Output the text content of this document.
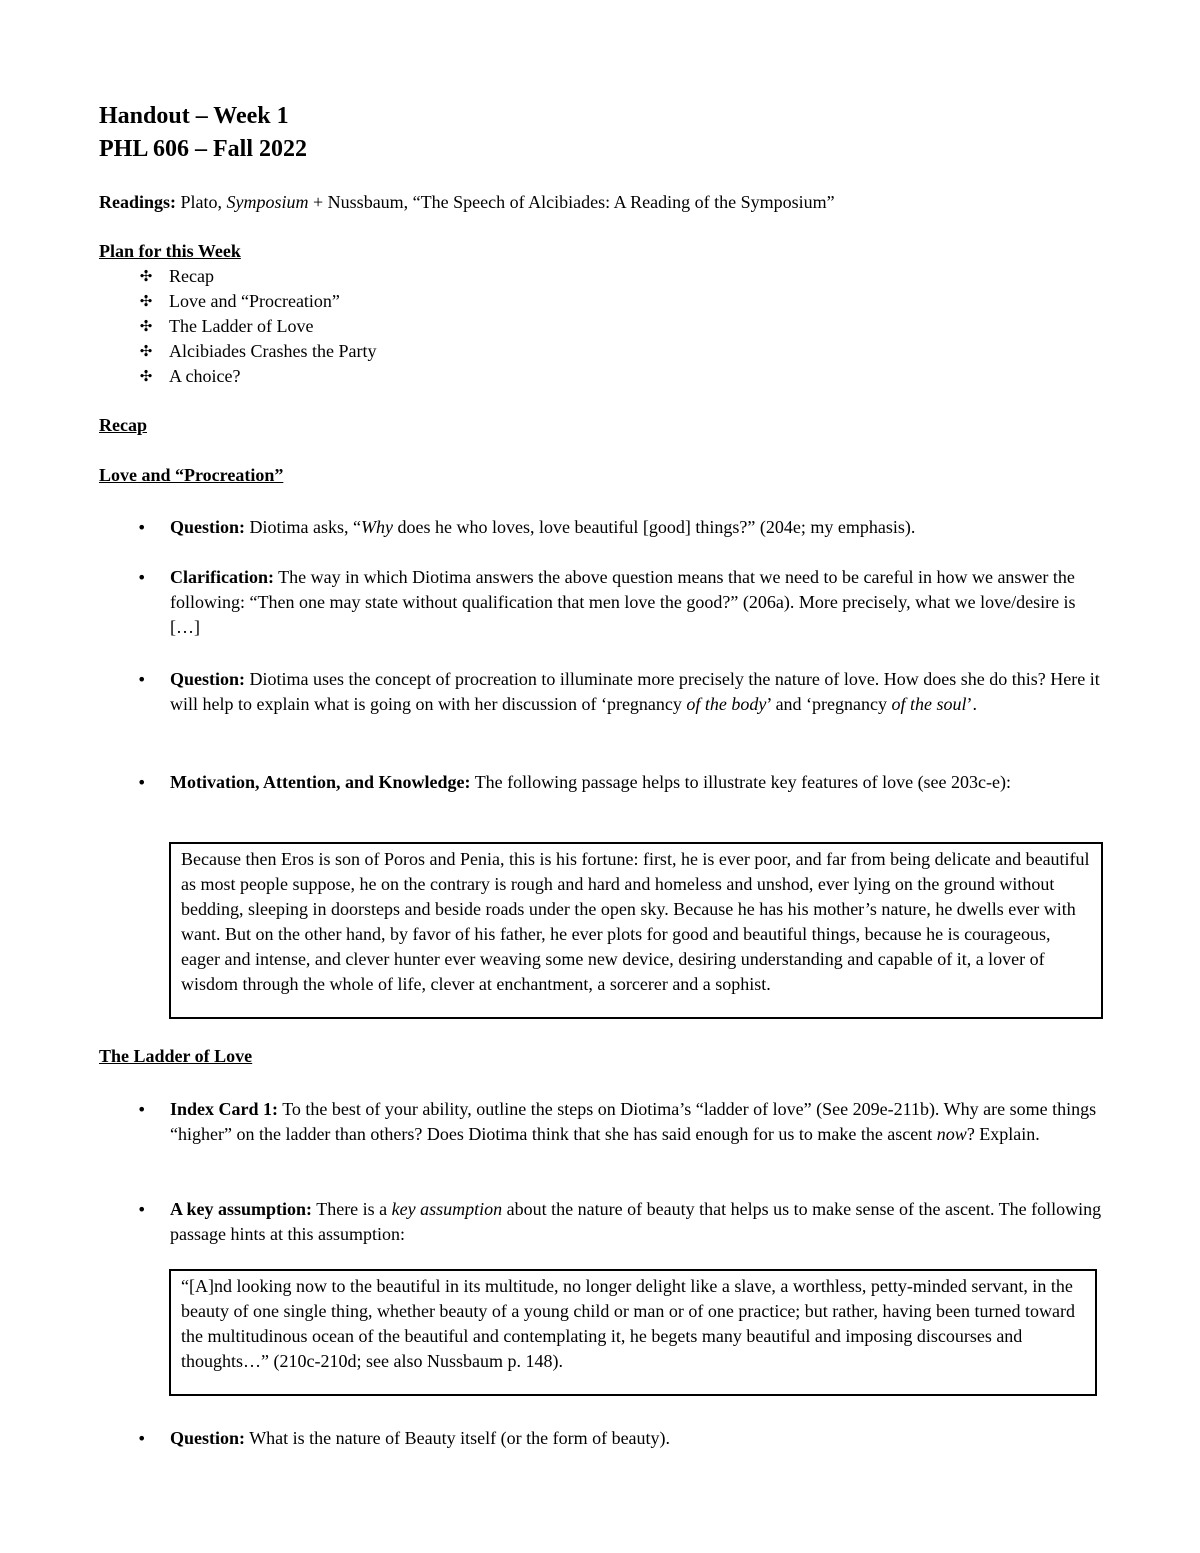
Handout – Week 1
PHL 606 – Fall 2022
Readings: Plato, Symposium + Nussbaum, “The Speech of Alcibiades: A Reading of the Symposium”
Plan for this Week
✣ Recap
✣ Love and “Procreation”
✣ The Ladder of Love
✣ Alcibiades Crashes the Party
✣ A choice?
Recap
Love and “Procreation”
• Question: Diotima asks, “Why does he who loves, love beautiful [good] things?” (204e; my emphasis).
• Clarification: The way in which Diotima answers the above question means that we need to be careful in how we answer the following: “Then one may state without qualification that men love the good?” (206a). More precisely, what we love/desire is […]
• Question: Diotima uses the concept of procreation to illuminate more precisely the nature of love. How does she do this? Here it will help to explain what is going on with her discussion of ‘pregnancy of the body’ and ‘pregnancy of the soul’.
• Motivation, Attention, and Knowledge: The following passage helps to illustrate key features of love (see 203c-e):
Because then Eros is son of Poros and Penia, this is his fortune: first, he is ever poor, and far from being delicate and beautiful as most people suppose, he on the contrary is rough and hard and homeless and unshod, ever lying on the ground without bedding, sleeping in doorsteps and beside roads under the open sky. Because he has his mother’s nature, he dwells ever with want. But on the other hand, by favor of his father, he ever plots for good and beautiful things, because he is courageous, eager and intense, and clever hunter ever weaving some new device, desiring understanding and capable of it, a lover of wisdom through the whole of life, clever at enchantment, a sorcerer and a sophist.
The Ladder of Love
• Index Card 1: To the best of your ability, outline the steps on Diotima’s “ladder of love” (See 209e-211b). Why are some things “higher” on the ladder than others? Does Diotima think that she has said enough for us to make the ascent now? Explain.
• A key assumption: There is a key assumption about the nature of beauty that helps us to make sense of the ascent. The following passage hints at this assumption:
“[A]nd looking now to the beautiful in its multitude, no longer delight like a slave, a worthless, petty-minded servant, in the beauty of one single thing, whether beauty of a young child or man or of one practice; but rather, having been turned toward the multitudinous ocean of the beautiful and contemplating it, he begets many beautiful and imposing discourses and thoughts…” (210c-210d; see also Nussbaum p. 148).
• Question: What is the nature of Beauty itself (or the form of beauty).
